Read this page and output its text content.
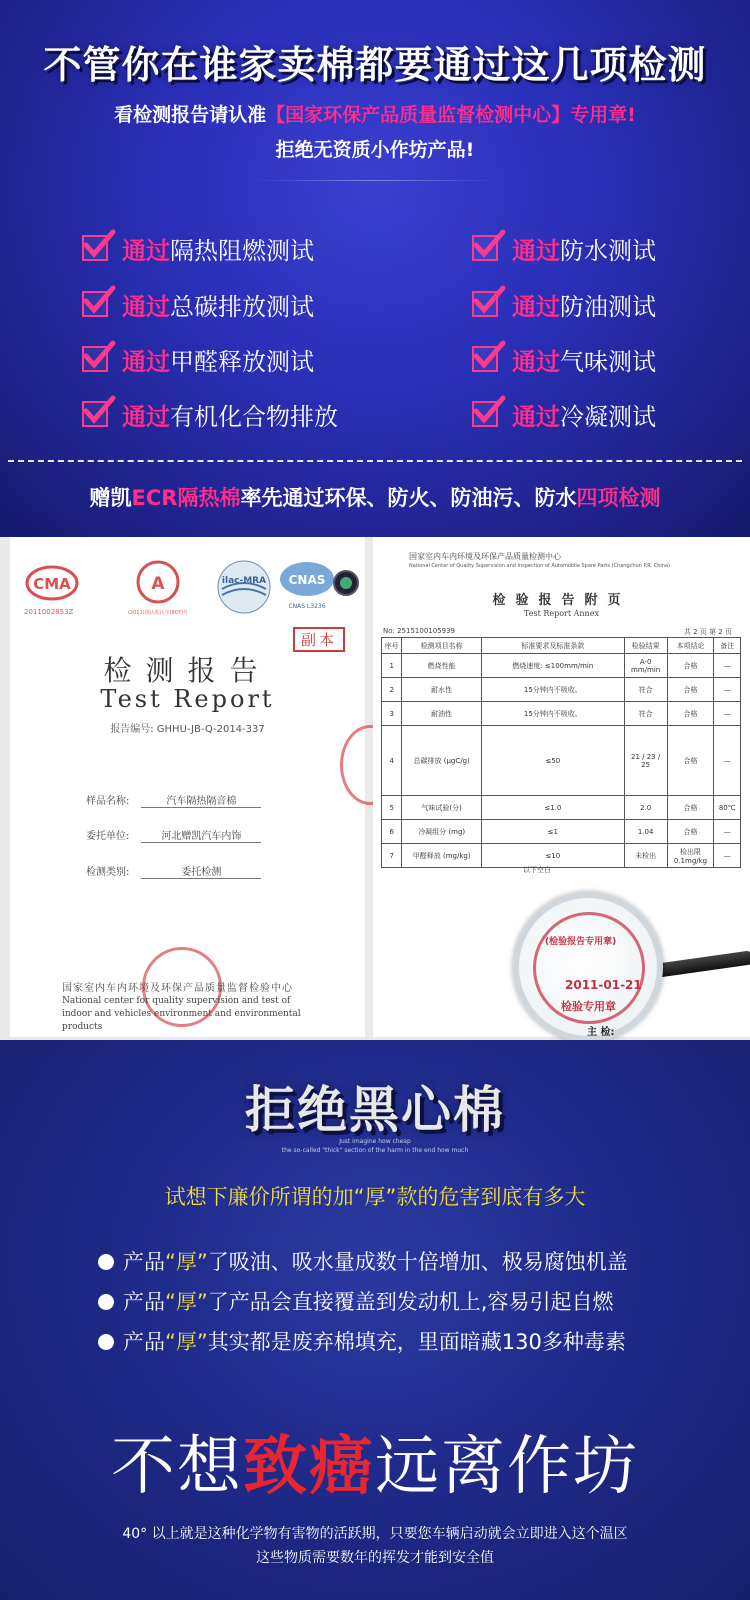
不管你在谁家卖棉都要通过这几项检测
看检测报告请认准【国家环保产品质量监督检测中心】专用章!
拒绝无资质小作坊产品!
通过 隔热阻燃测试
通过 总碳排放测试
通过 甲醛释放测试
通过 有机化合物排放
通过 防水测试
通过 防油测试
通过 气味测试
通过 冷凝测试
赠凯ECR隔热棉率先通过环保、防火、防油污、防水四项检测
CMA
2011002853Z
A
(2011)国认监认字(907)号
ilac-MRA CNAS
CNAS L3236
副本
检测报告
Test Report
报告编号: GHHU-JB-Q-2014-337
样品名称:	汽车隔热隔音棉
委托单位:	河北赠凯汽车内饰
检测类别:	委托检测
国家室内车内环境及环保产品质量监督检验中心
National center for quality supervision and test of indoor and vehicles environment and environmental products
国家室内车内环境及环保产品质量检测中心
National Center of Quality Supervision and Inspection of Automobile Spare Parts (Changchun P.R. China)
检验报告附页
Test Report Annex
No: 2515100105939	共 2 页 第 2 页
序号	检测项目名称	标准要求及标准条款	检验结果	本项结论	备注
1	燃烧性能	燃烧速度: ≤100mm/min	A-0 mm/min	合格	—
2	耐水性	15分钟内不吸收。	符合	合格	—
3	耐油性	15分钟内不吸收。	符合	合格	—
4	总碳排放 (μgC/g)	≤50	21 / 23 / 25	合格	—
5	气味试验(分)	≤1.0	2.0	合格	80℃
6	冷凝组分 (mg)	≤1	1.04	合格	—
7	甲醛释放 (mg/kg)	≤10	未检出	检出限 0.1mg/kg	—
以下空白
(检验报告专用章)
2011-01-21
检验专用章
主 检:
拒绝黑心棉
Just imagine how cheap
the so-called "thick" section of the harm in the end how much
试想下廉价所谓的加“厚”款的危害到底有多大
产品“厚”了吸油、吸水量成数十倍增加、极易腐蚀机盖
产品“厚”了产品会直接覆盖到发动机上,容易引起自燃
产品“厚”其实都是废弃棉填充，里面暗藏130多种毒素
不想致癌远离作坊
40° 以上就是这种化学物有害物的活跃期，只要您车辆启动就会立即进入这个温区
这些物质需要数年的挥发才能到安全值
